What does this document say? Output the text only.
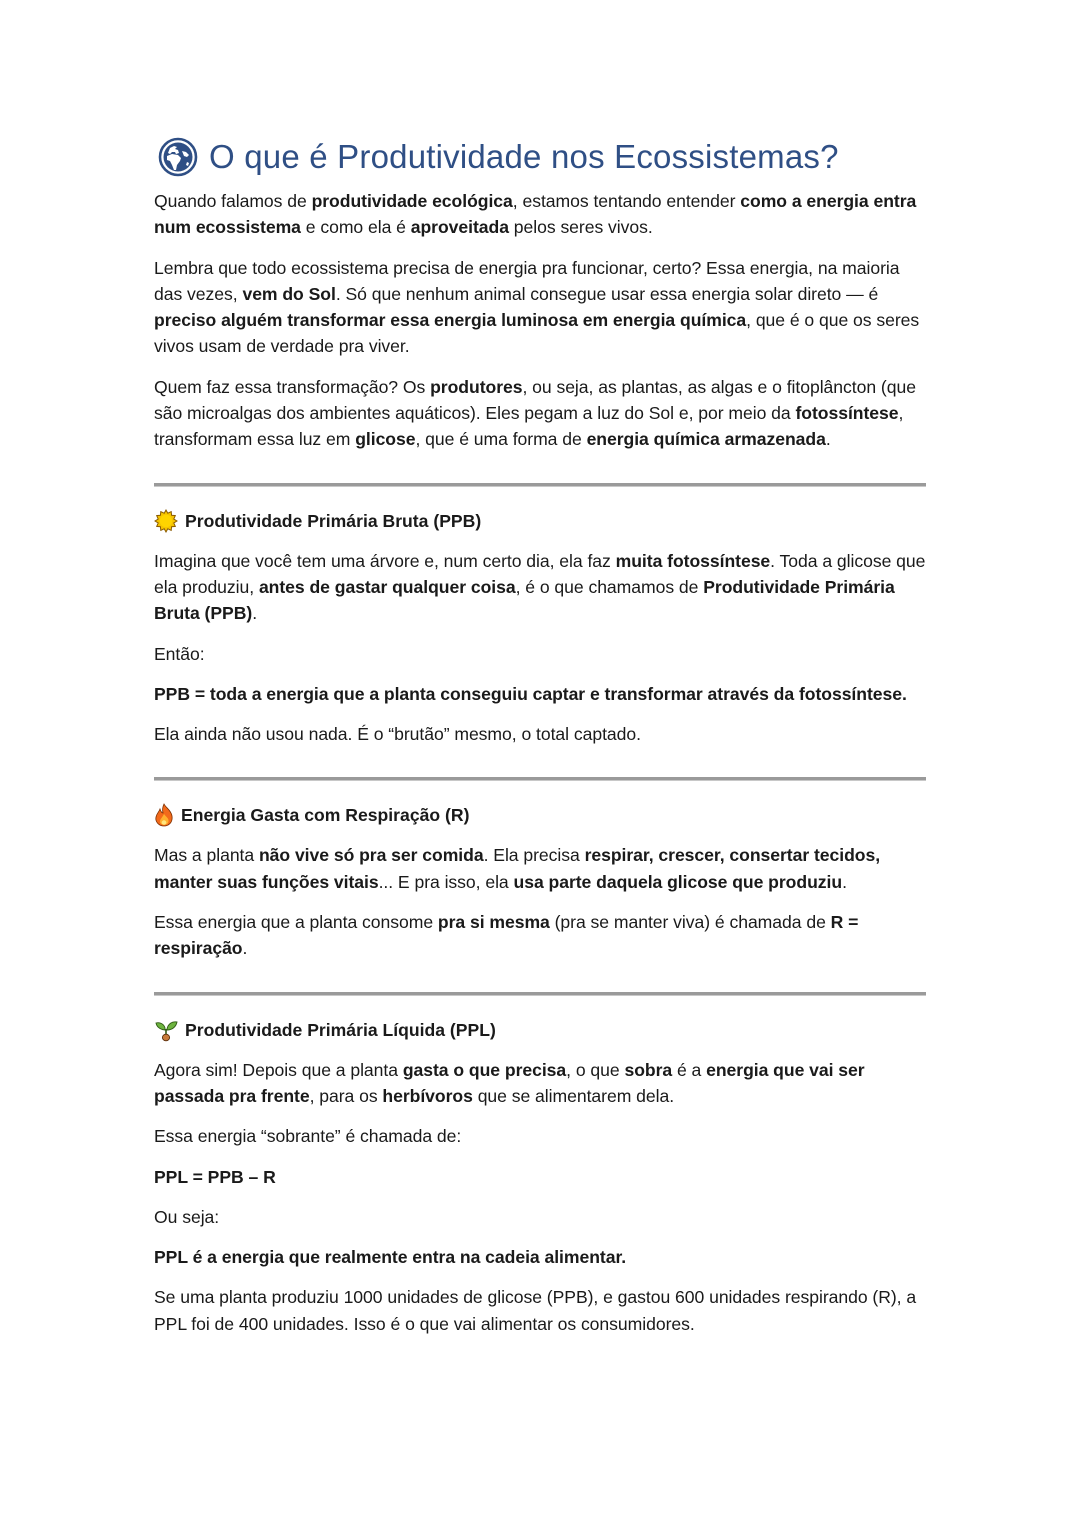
O que é Produtividade nos Ecossistemas?

Quando falamos de produtividade ecológica, estamos tentando entender como a energia entra num ecossistema e como ela é aproveitada pelos seres vivos.

Lembra que todo ecossistema precisa de energia pra funcionar, certo? Essa energia, na maioria das vezes, vem do Sol. Só que nenhum animal consegue usar essa energia solar direto — é preciso alguém transformar essa energia luminosa em energia química, que é o que os seres vivos usam de verdade pra viver.

Quem faz essa transformação? Os produtores, ou seja, as plantas, as algas e o fitoplâncton (que são microalgas dos ambientes aquáticos). Eles pegam a luz do Sol e, por meio da fotossíntese, transformam essa luz em glicose, que é uma forma de energia química armazenada.

Produtividade Primária Bruta (PPB)

Imagina que você tem uma árvore e, num certo dia, ela faz muita fotossíntese. Toda a glicose que ela produziu, antes de gastar qualquer coisa, é o que chamamos de Produtividade Primária Bruta (PPB).

Então:

PPB = toda a energia que a planta conseguiu captar e transformar através da fotossíntese.

Ela ainda não usou nada. É o “brutão” mesmo, o total captado.

Energia Gasta com Respiração (R)

Mas a planta não vive só pra ser comida. Ela precisa respirar, crescer, consertar tecidos, manter suas funções vitais... E pra isso, ela usa parte daquela glicose que produziu.

Essa energia que a planta consome pra si mesma (pra se manter viva) é chamada de R = respiração.

Produtividade Primária Líquida (PPL)

Agora sim! Depois que a planta gasta o que precisa, o que sobra é a energia que vai ser passada pra frente, para os herbívoros que se alimentarem dela.

Essa energia “sobrante” é chamada de:

PPL = PPB – R

Ou seja:

PPL é a energia que realmente entra na cadeia alimentar.

Se uma planta produziu 1000 unidades de glicose (PPB), e gastou 600 unidades respirando (R), a PPL foi de 400 unidades. Isso é o que vai alimentar os consumidores.
